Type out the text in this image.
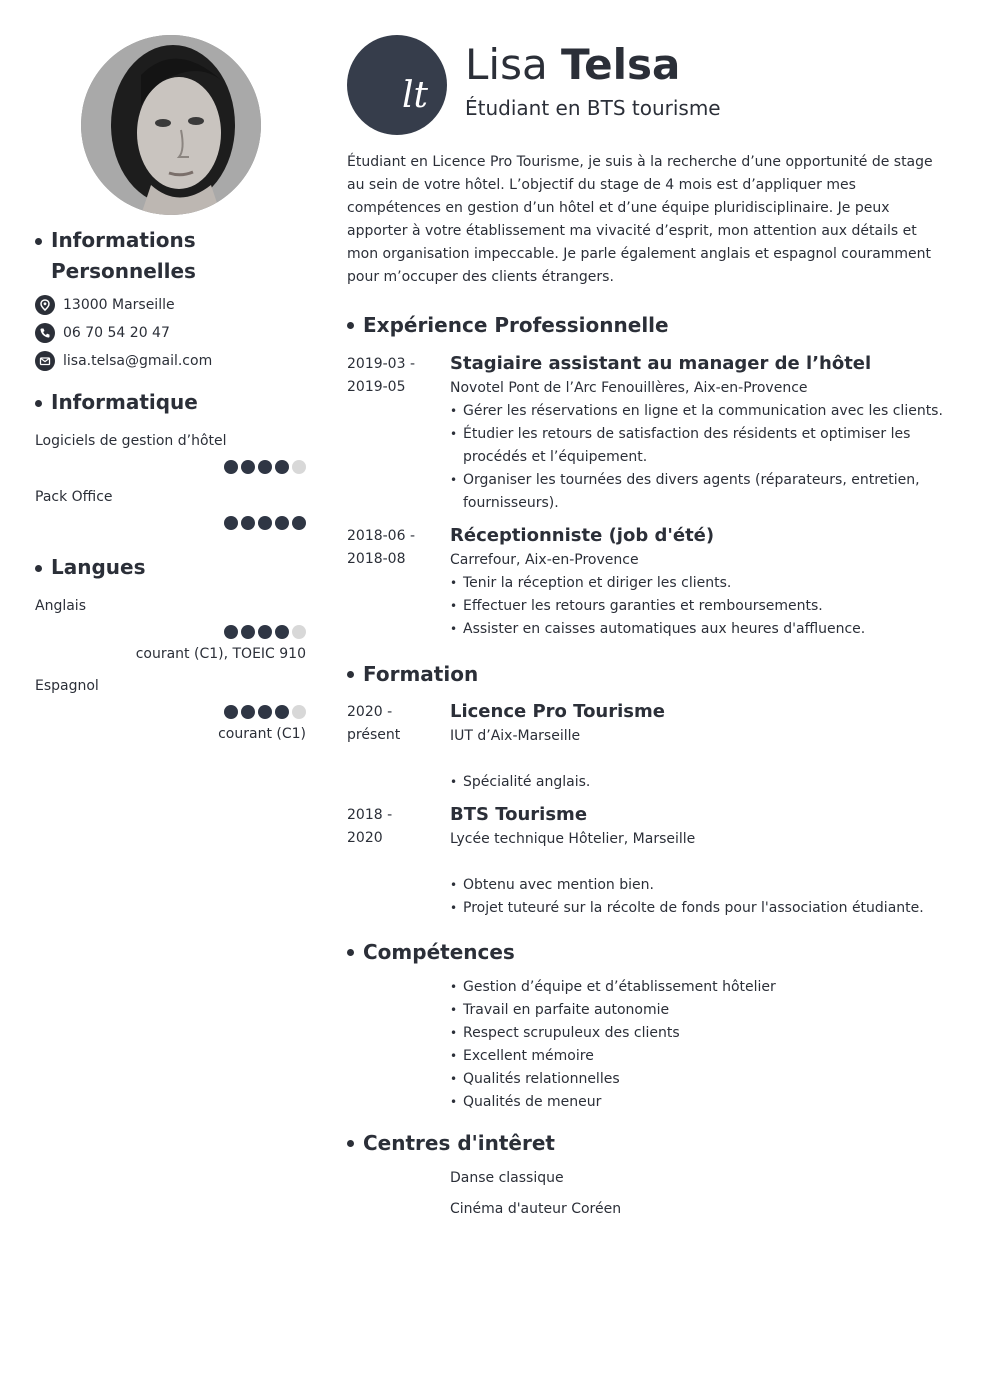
Informations Personnelles
13000 Marseille
06 70 54 20 47
lisa.telsa@gmail.com
Informatique
Logiciels de gestion d’hôtel
Pack Office
Langues
Anglais
courant (C1), TOEIC 910
Espagnol
courant (C1)
lt
Lisa Telsa
Étudiant en BTS tourisme
Étudiant en Licence Pro Tourisme, je suis à la recherche d’une opportunité de stage au sein de votre hôtel. L’objectif du stage de 4 mois est d’appliquer mes compétences en gestion d’un hôtel et d’une équipe pluridisciplinaire. Je peux apporter à votre établissement ma vivacité d’esprit, mon attention aux détails et mon organisation impeccable. Je parle également anglais et espagnol couramment pour m’occuper des clients étrangers.
Expérience Professionnelle
2019-03 -
2019-05
Stagiaire assistant au manager de l’hôtel
Novotel Pont de l’Arc Fenouillères, Aix-en-Provence
• Gérer les réservations en ligne et la communication avec les clients.
• Étudier les retours de satisfaction des résidents et optimiser les procédés et l’équipement.
• Organiser les tournées des divers agents (réparateurs, entretien, fournisseurs).
2018-06 -
2018-08
Réceptionniste (job d'été)
Carrefour, Aix-en-Provence
• Tenir la réception et diriger les clients.
• Effectuer les retours garanties et remboursements.
• Assister en caisses automatiques aux heures d'affluence.
Formation
2020 -
présent
Licence Pro Tourisme
IUT d’Aix-Marseille
• Spécialité anglais.
2018 -
2020
BTS Tourisme
Lycée technique Hôtelier, Marseille
• Obtenu avec mention bien.
• Projet tuteuré sur la récolte de fonds pour l'association étudiante.
Compétences
• Gestion d’équipe et d’établissement hôtelier
• Travail en parfaite autonomie
• Respect scrupuleux des clients
• Excellent mémoire
• Qualités relationnelles
• Qualités de meneur
Centres d'intêret
Danse classique
Cinéma d'auteur Coréen
